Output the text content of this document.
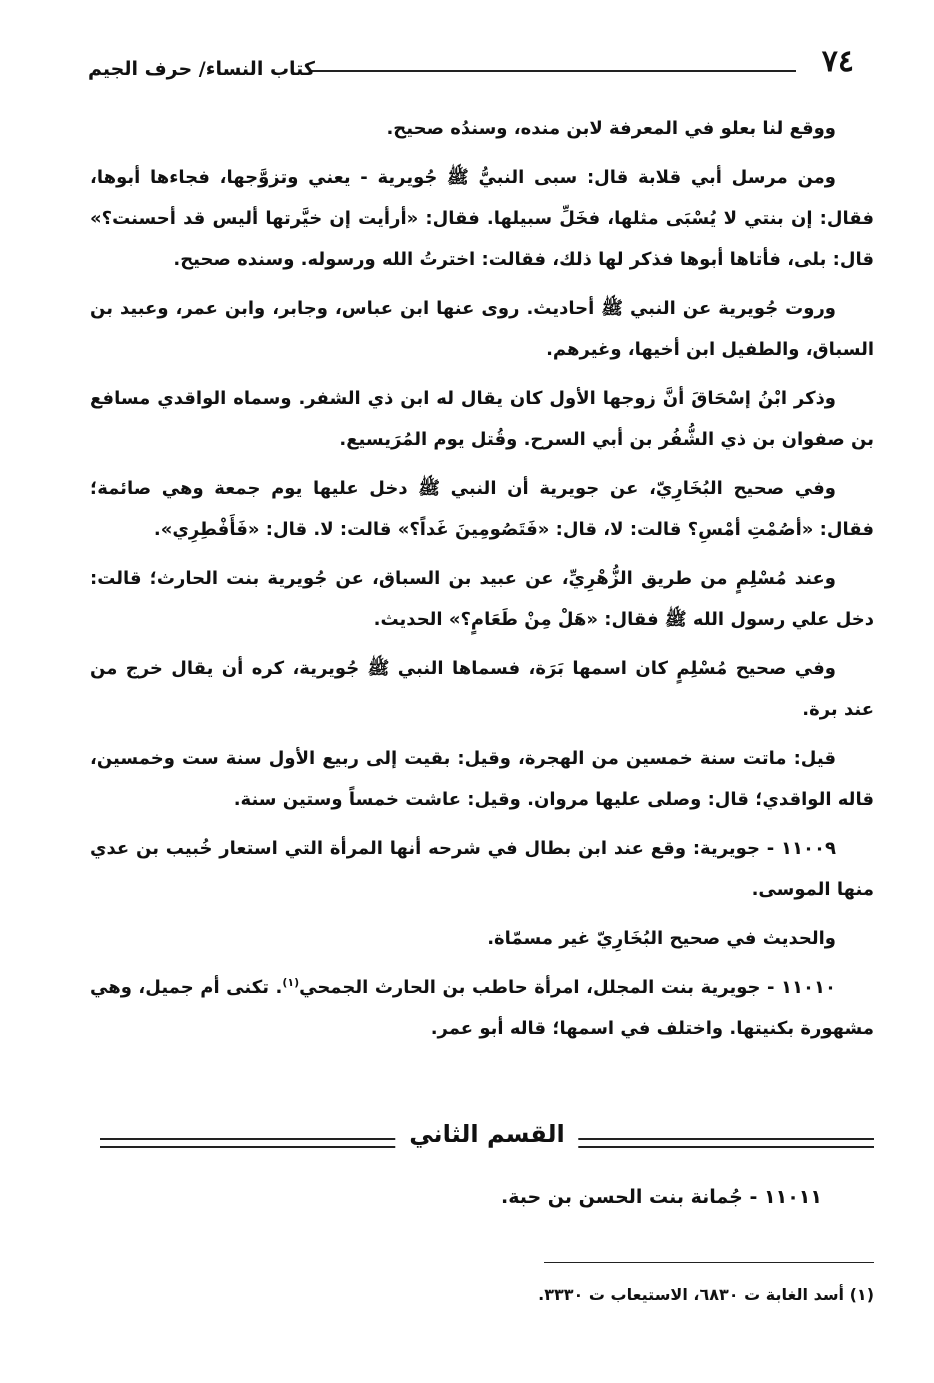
٧٤
كتاب النساء/ حرف الجيم

ووقع لنا بعلو في المعرفة لابن منده، وسندُه صحيح.

ومن مرسل أبي قلابة قال: سبى النبيُّ ﷺ جُويرية - يعني وتزوَّجها، فجاءها أبوها، فقال: إن بنتي لا يُسْبَى مثلها، فخَلِّ سبيلها. فقال: «أرأيت إن خيَّرتها أليس قد أحسنت؟» قال: بلى، فأتاها أبوها فذكر لها ذلك، فقالت: اخترتُ الله ورسوله. وسنده صحيح.

وروت جُويرية عن النبي ﷺ أحاديث. روى عنها ابن عباس، وجابر، وابن عمر، وعبيد بن السباق، والطفيل ابن أخيها، وغيرهم.

وذكر ابْنُ إسْحَاقَ أنَّ زوجها الأول كان يقال له ابن ذي الشفر. وسماه الواقدي مسافع بن صفوان بن ذي الشُّفُر بن أبي السرح. وقُتل يوم المُرَيسيع.

وفي صحيح البُخَارِيّ، عن جويرية أن النبي ﷺ دخل عليها يوم جمعة وهي صائمة؛ فقال: «أصُمْتِ أمْسِ؟ قالت: لا، قال: «فَتَصُومِينَ غَداً؟» قالت: لا. قال: «فَأَفْطِرِي».

وعند مُسْلِمٍ من طريق الزُّهْرِيِّ، عن عبيد بن السباق، عن جُويرية بنت الحارث؛ قالت: دخل علي رسول الله ﷺ فقال: «هَلْ مِنْ طَعَامٍ؟» الحديث.

وفي صحيح مُسْلِمٍ كان اسمها بَرَة، فسماها النبي ﷺ جُويرية، كره أن يقال خرج من عند برة.

قيل: ماتت سنة خمسين من الهجرة، وقيل: بقيت إلى ربيع الأول سنة ست وخمسين، قاله الواقدي؛ قال: وصلى عليها مروان. وقيل: عاشت خمساً وستين سنة.

١١٠٠٩ - جويرية: وقع عند ابن بطال في شرحه أنها المرأة التي استعار خُبيب بن عدي منها الموسى.

والحديث في صحيح البُخَارِيّ غير مسمّاة.

١١٠١٠ - جويرية بنت المجلل، امرأة حاطب بن الحارث الجمحي$^{(١)}$. تكنى أم جميل، وهي مشهورة بكنيتها. واختلف في اسمها؛ قاله أبو عمر.

القسم الثاني
١١٠١١ - جُمانة بنت الحسن بن حبة.
(١) أسد الغابة ت ٦٨٣٠، الاستيعاب ت ٣٣٣٠.
